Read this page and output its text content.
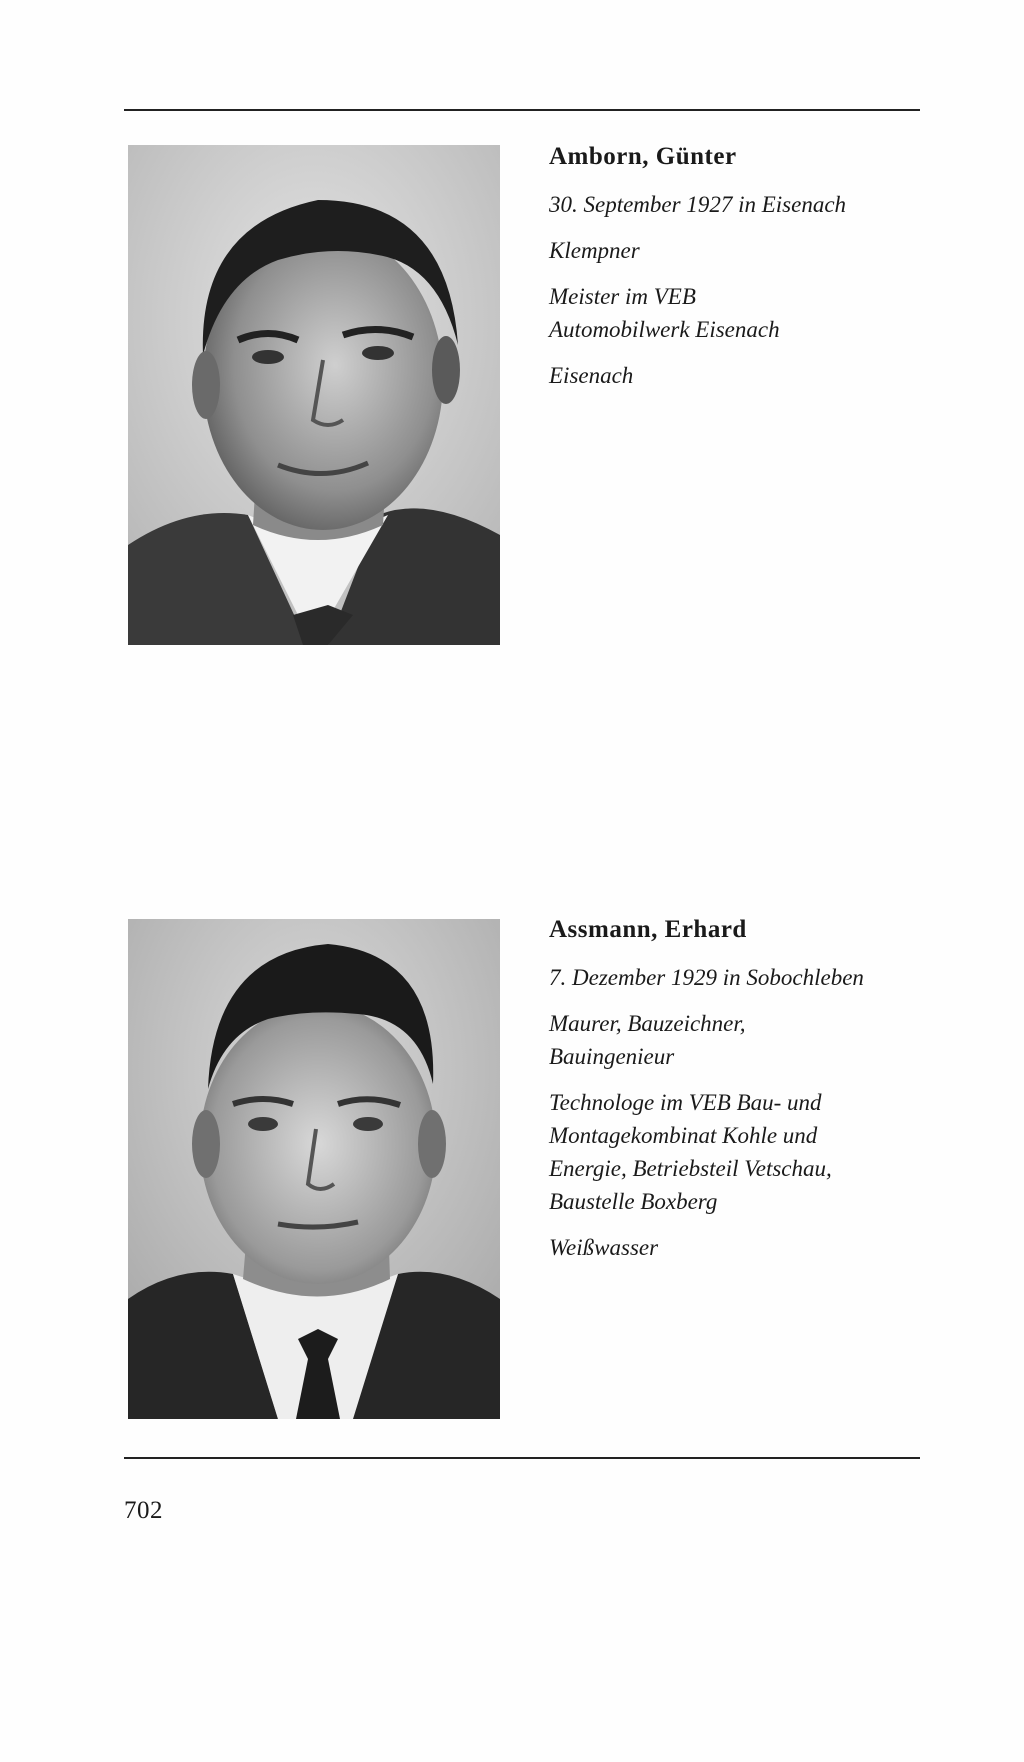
Amborn, Günter
30. September 1927 in Eisenach
Klempner
Meister im VEB
Automobilwerk Eisenach
Eisenach
Assmann, Erhard
7. Dezember 1929 in Sobochleben
Maurer, Bauzeichner,
Bauingenieur
Technologe im VEB Bau- und
Montagekombinat Kohle und
Energie, Betriebsteil Vetschau,
Baustelle Boxberg
Weißwasser
702
